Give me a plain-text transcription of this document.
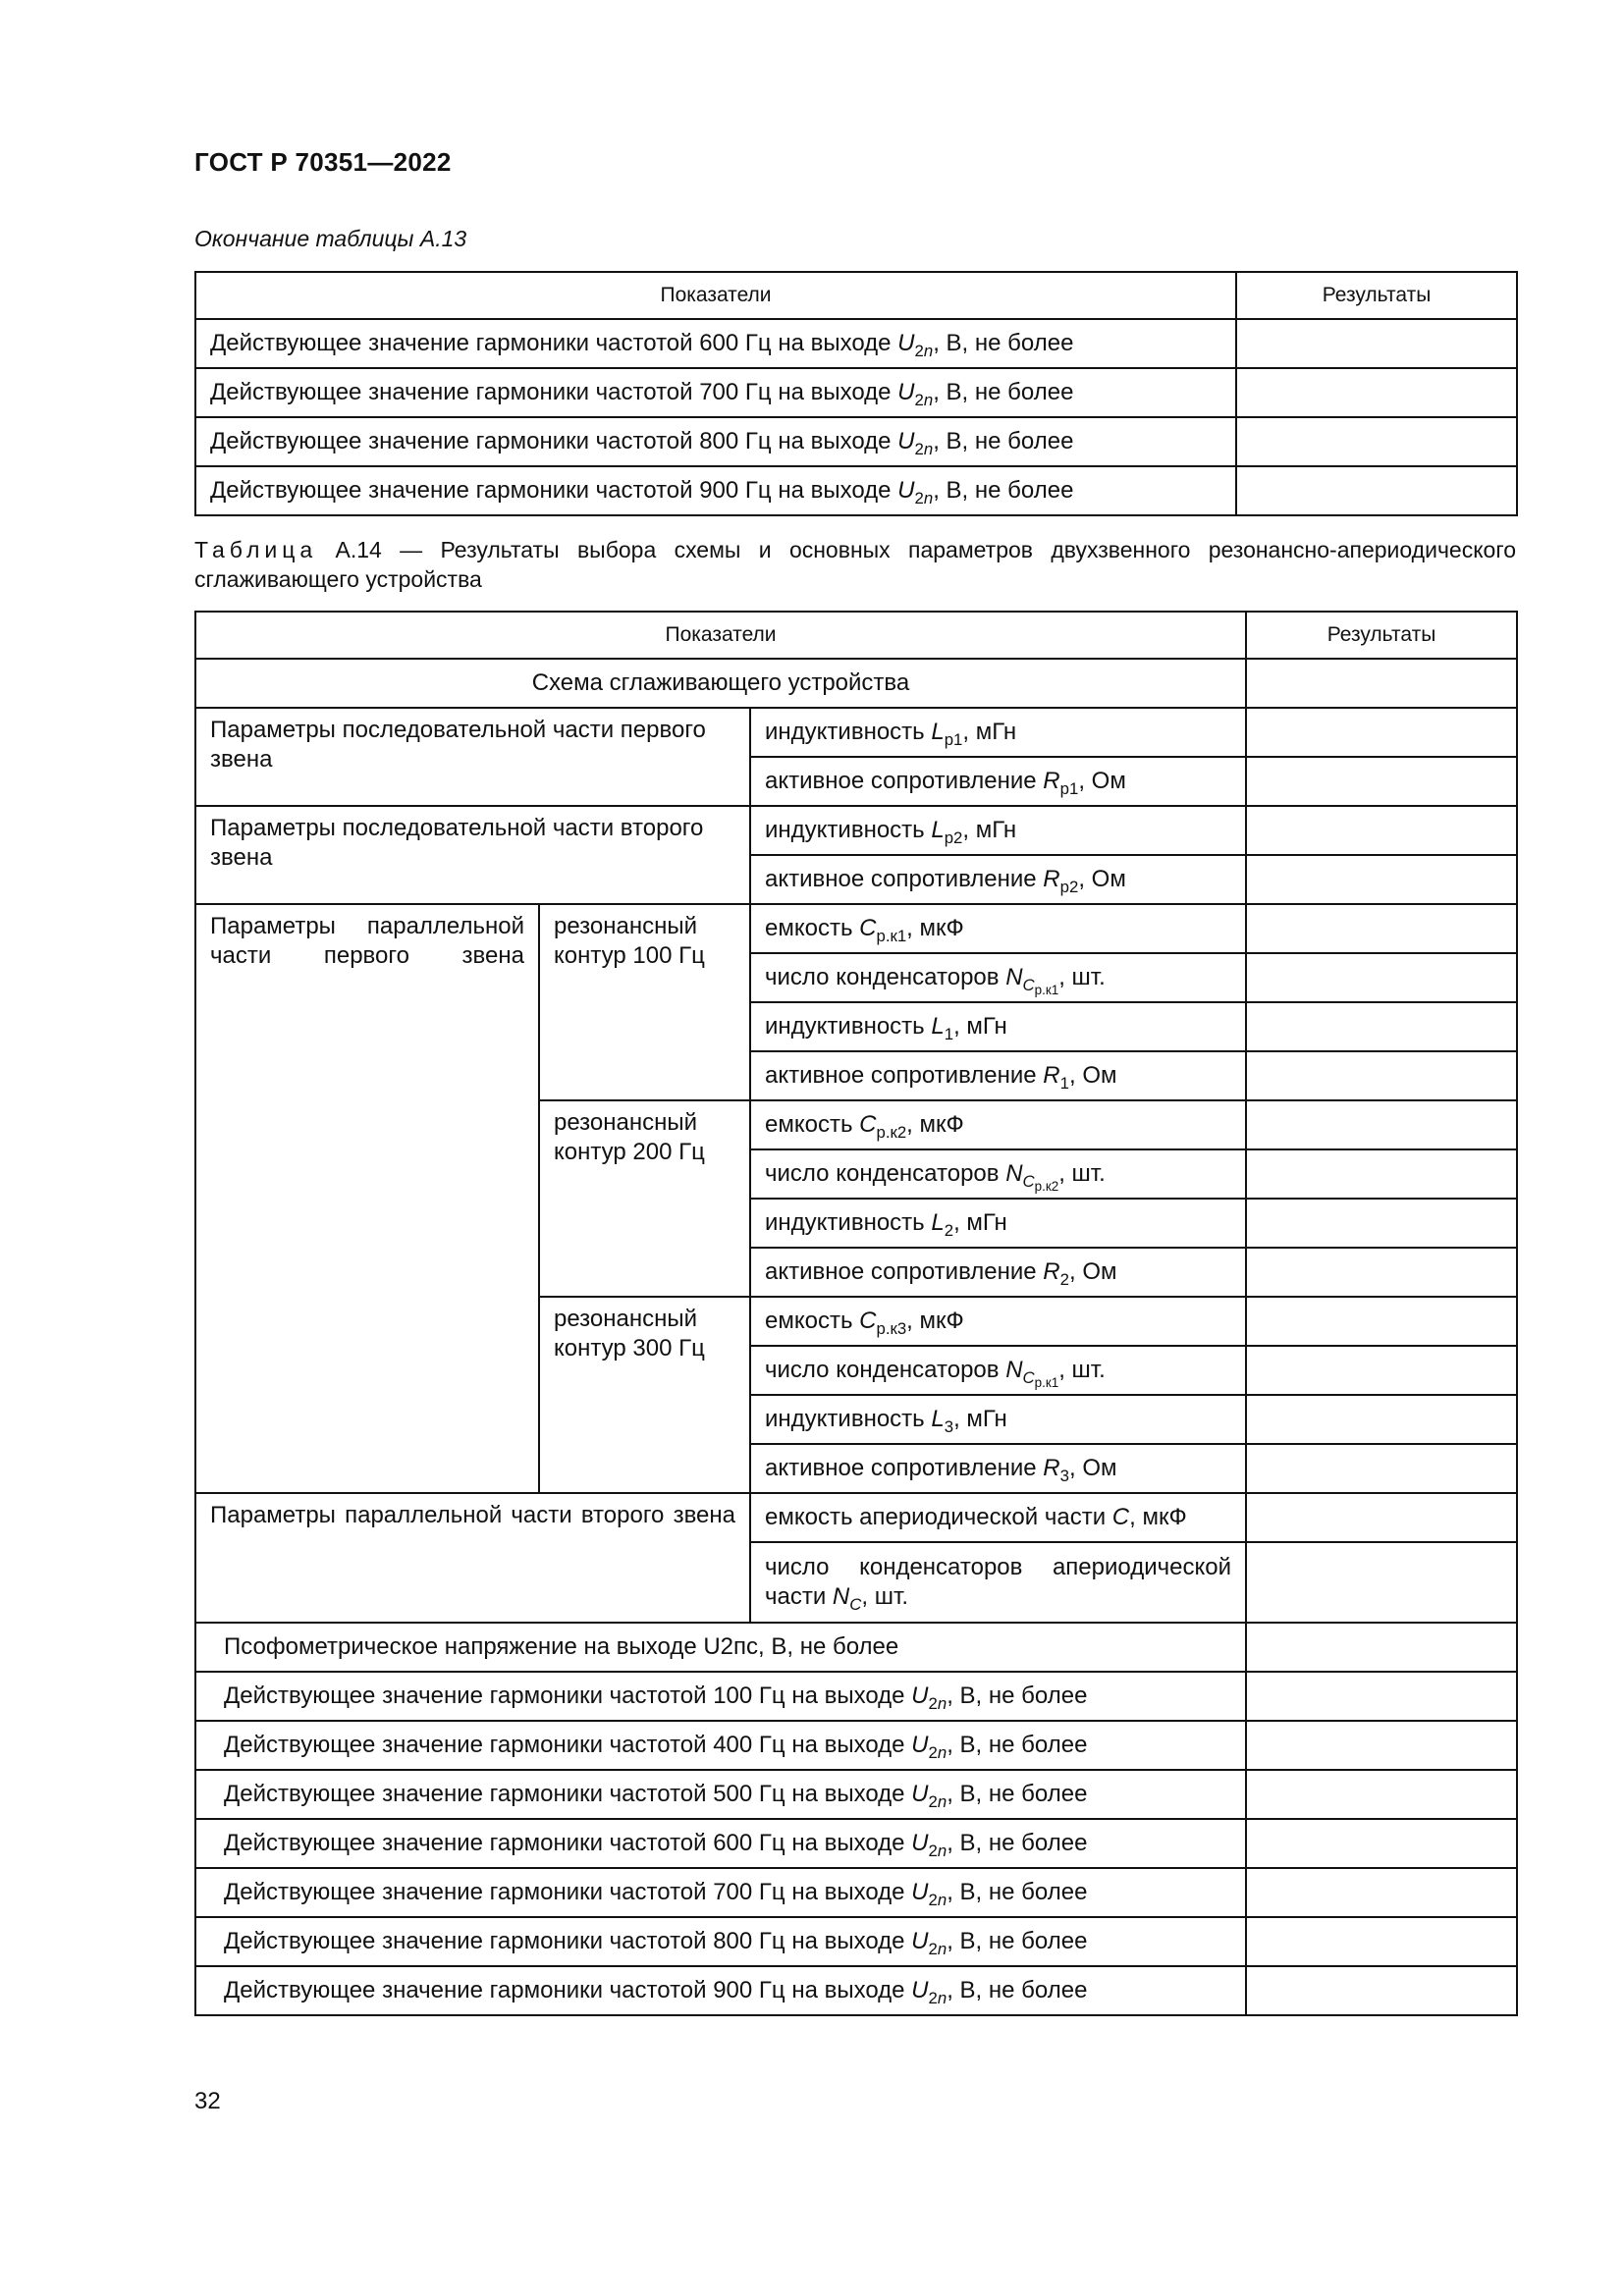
ГОСТ Р 70351—2022
Окончание таблицы А.13
Показатели	Результаты
Действующее значение гармоники частотой 600 Гц на выходе $U_{2n}$, В, не более	
Действующее значение гармоники частотой 700 Гц на выходе $U_{2n}$, В, не более	
Действующее значение гармоники частотой 800 Гц на выходе $U_{2n}$, В, не более	
Действующее значение гармоники частотой 900 Гц на выходе $U_{2n}$, В, не более	
Таблица А.14 — Результаты выбора схемы и основных параметров двухзвенного резонансно-апериодического сглаживающего устройства
Показатели			Результаты
Схема сглаживающего устройства			
Параметры последовательной части первого звена		индуктивность $L_{p1}$, мГн	
		активное сопротивление $R_{p1}$, Ом	
Параметры последовательной части второго звена		индуктивность $L_{p2}$, мГн	
		активное сопротивление $R_{p2}$, Ом	
Параметры параллельной части первого звена	резонансный контур 100 Гц	емкость $C_{р.к1}$, мкФ	
		число конденсаторов $N_{C_{р.к1}}$, шт.	
		индуктивность $L_1$, мГн	
		активное сопротивление $R_1$, Ом	
	резонансный контур 200 Гц	емкость $C_{р.к2}$, мкФ	
		число конденсаторов $N_{C_{р.к2}}$, шт.	
		индуктивность $L_2$, мГн	
		активное сопротивление $R_2$, Ом	
	резонансный контур 300 Гц	емкость $C_{р.к3}$, мкФ	
		число конденсаторов $N_{C_{р.к1}}$, шт.	
		индуктивность $L_3$, мГн	
		активное сопротивление $R_3$, Ом	
Параметры параллельной части второго звена		емкость апериодической части C, мкФ	
		число конденсаторов апериодической части $N_C$, шт.	
Псофометрическое напряжение на выходе U2пс, В, не более			
Действующее значение гармоники частотой 100 Гц на выходе $U_{2n}$, В, не более			
Действующее значение гармоники частотой 400 Гц на выходе $U_{2n}$, В, не более			
Действующее значение гармоники частотой 500 Гц на выходе $U_{2n}$, В, не более			
Действующее значение гармоники частотой 600 Гц на выходе $U_{2n}$, В, не более			
Действующее значение гармоники частотой 700 Гц на выходе $U_{2n}$, В, не более			
Действующее значение гармоники частотой 800 Гц на выходе $U_{2n}$, В, не более			
Действующее значение гармоники частотой 900 Гц на выходе $U_{2n}$, В, не более			
32
